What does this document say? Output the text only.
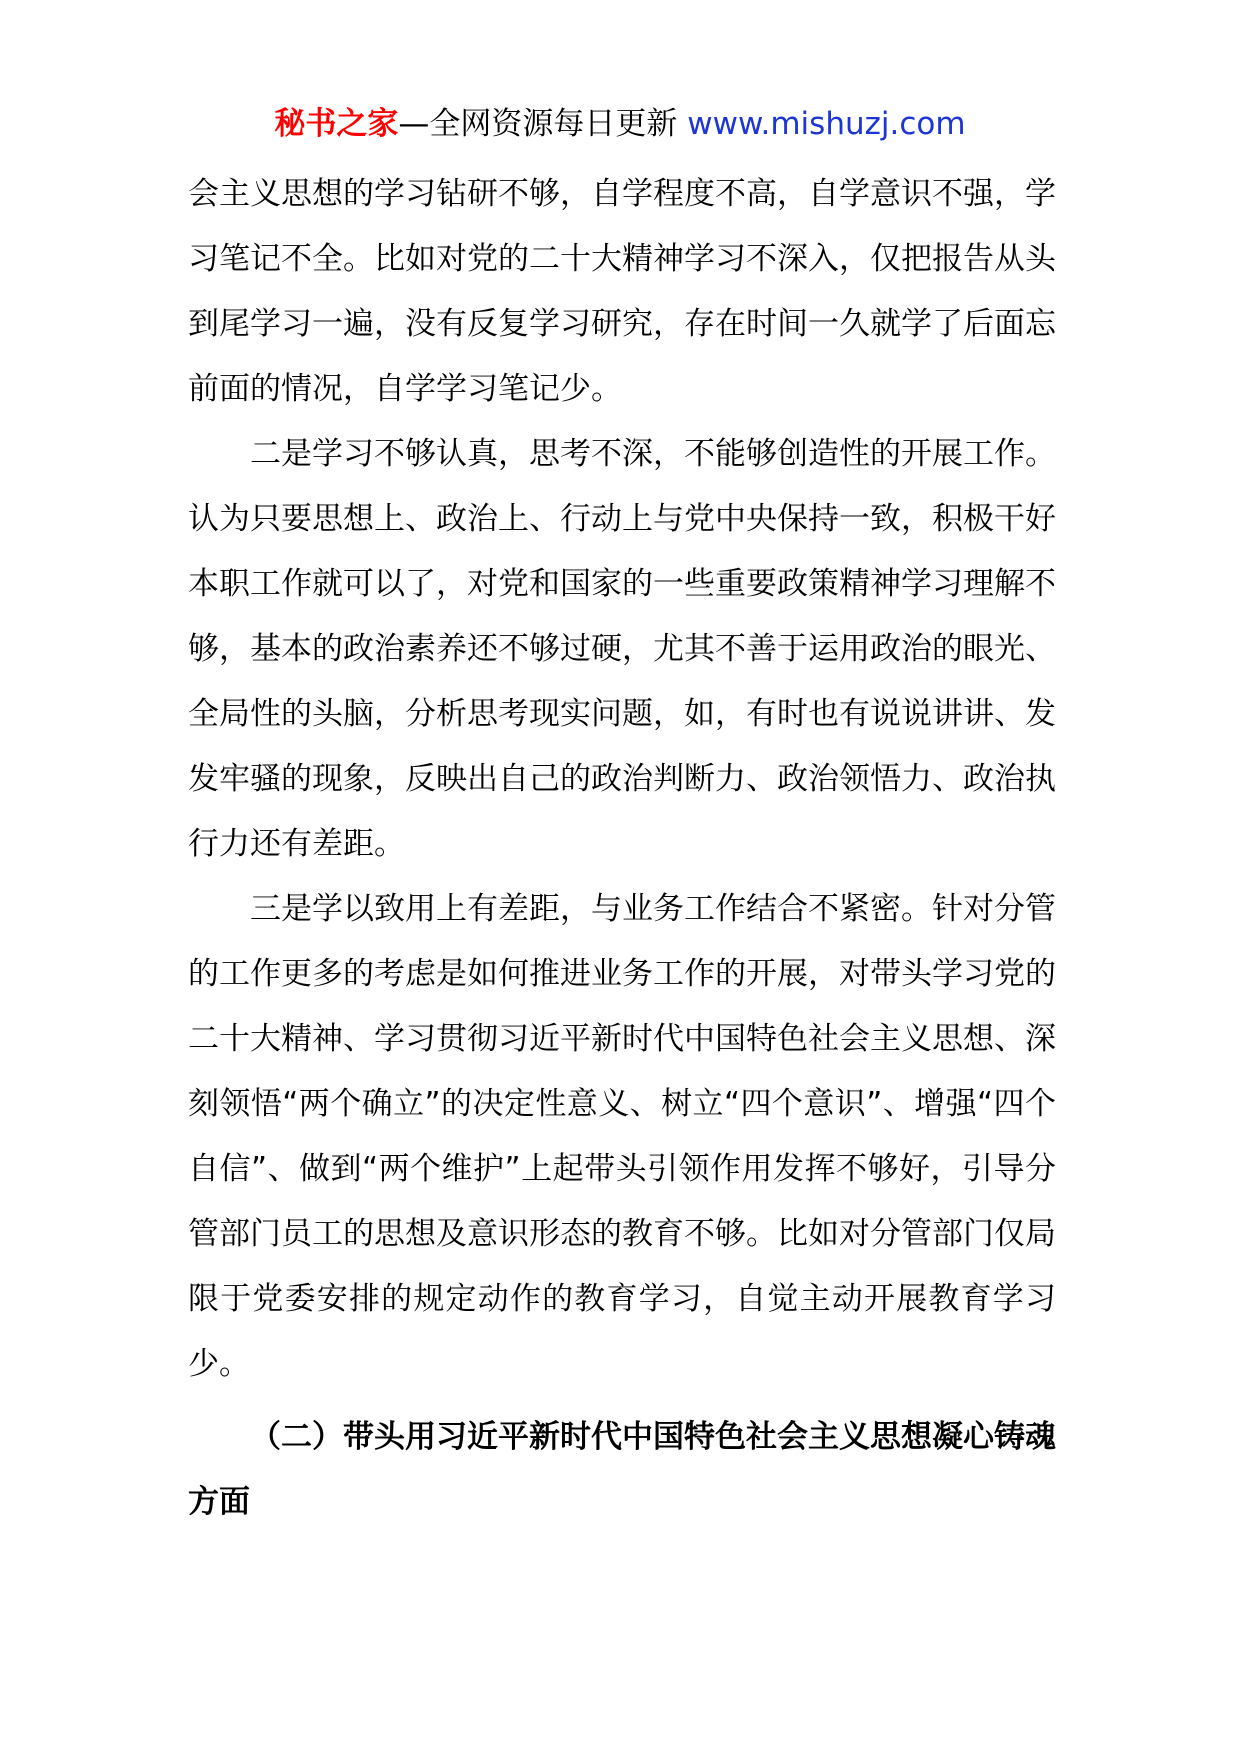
秘书之家—全网资源每日更新 www.mishuzj.com

会主义思想的学习钻研不够，自学程度不高，自学意识不强，学习笔记不全。比如对党的二十大精神学习不深入，仅把报告从头到尾学习一遍，没有反复学习研究，存在时间一久就学了后面忘前面的情况，自学学习笔记少。

二是学习不够认真，思考不深，不能够创造性的开展工作。认为只要思想上、政治上、行动上与党中央保持一致，积极干好本职工作就可以了，对党和国家的一些重要政策精神学习理解不够，基本的政治素养还不够过硬，尤其不善于运用政治的眼光、全局性的头脑，分析思考现实问题，如，有时也有说说讲讲、发发牢骚的现象，反映出自己的政治判断力、政治领悟力、政治执行力还有差距。

三是学以致用上有差距，与业务工作结合不紧密。针对分管的工作更多的考虑是如何推进业务工作的开展，对带头学习党的二十大精神、学习贯彻习近平新时代中国特色社会主义思想、深刻领悟“两个确立”的决定性意义、树立“四个意识”、增强“四个自信”、做到“两个维护”上起带头引领作用发挥不够好，引导分管部门员工的思想及意识形态的教育不够。比如对分管部门仅局限于党委安排的规定动作的教育学习，自觉主动开展教育学习少。

（二）带头用习近平新时代中国特色社会主义思想凝心铸魂方面
